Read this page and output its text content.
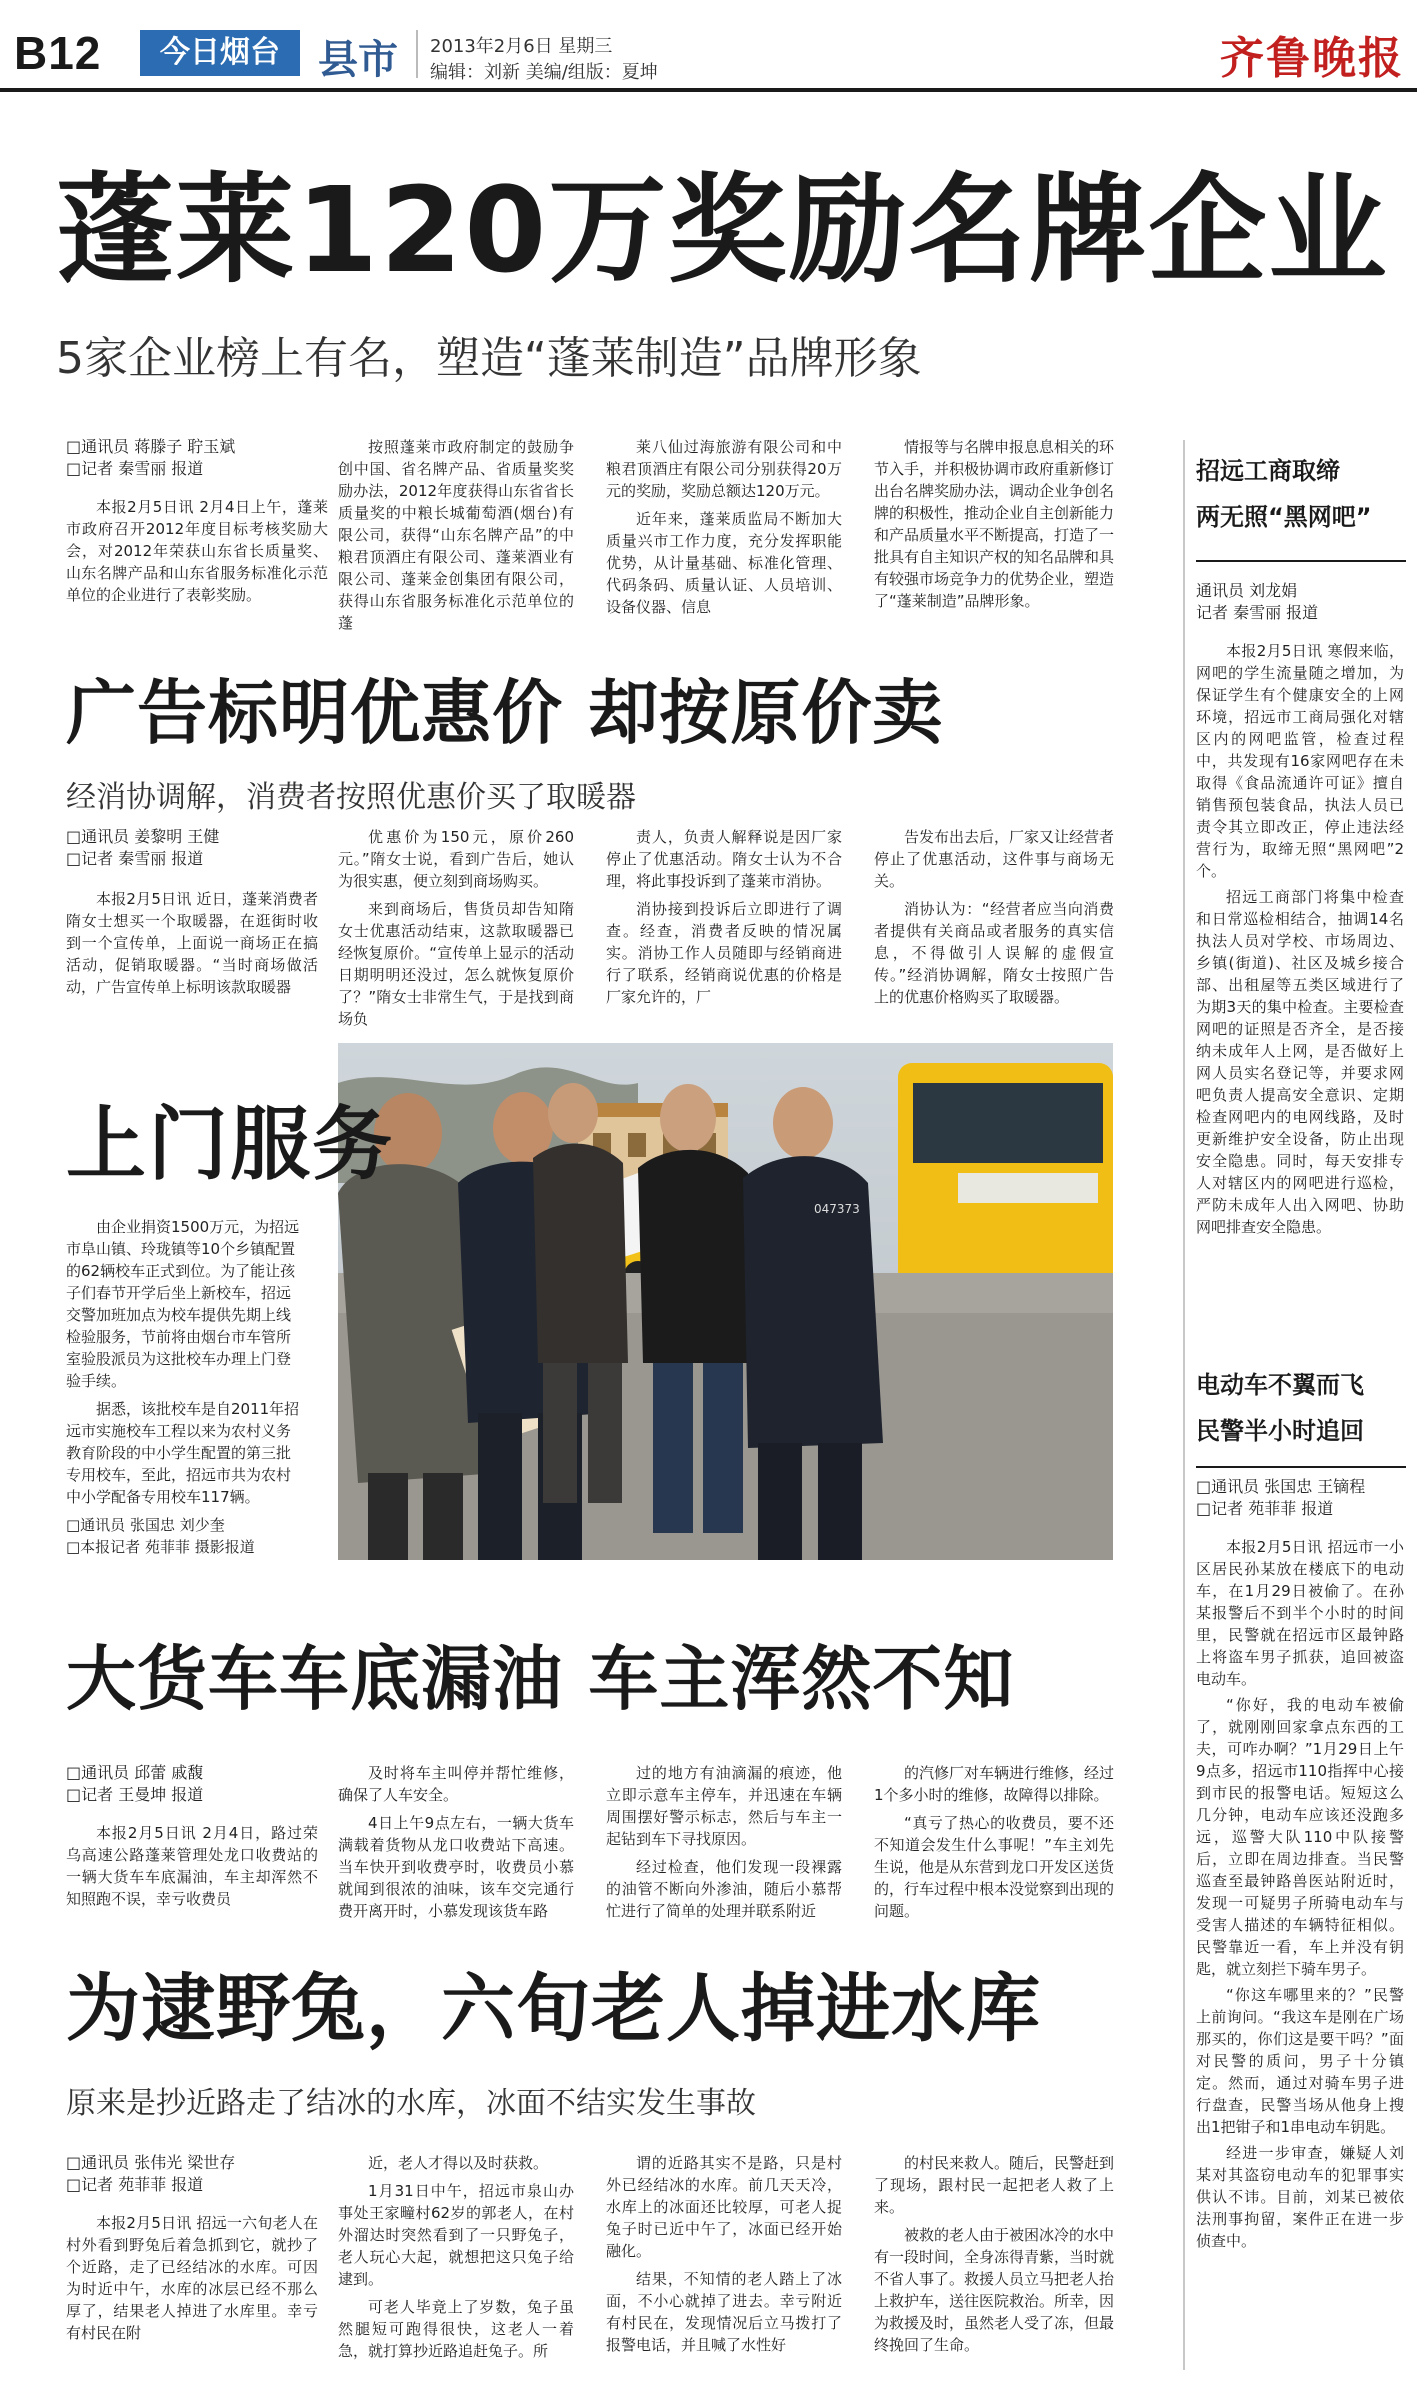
B12	今日烟台 县市 2013年2月6日 星期三
编辑：刘新 美编/组版：夏坤	齐鲁晚报
蓬莱120万奖励名牌企业
5家企业榜上有名，塑造“蓬莱制造”品牌形象
□通讯员 蒋滕子 聍玉斌
□记者 秦雪丽 报道

本报2月5日讯 2月4日上午，蓬莱市政府召开2012年度目标考核奖励大会，对2012年荣获山东省长质量奖、山东名牌产品和山东省服务标准化示范单位的企业进行了表彰奖励。

按照蓬莱市政府制定的鼓励争创中国、省名牌产品、省质量奖奖励办法，2012年度获得山东省省长质量奖的中粮长城葡萄酒(烟台)有限公司，获得“山东名牌产品”的中粮君顶酒庄有限公司、蓬莱酒业有限公司、蓬莱金创集团有限公司，获得山东省服务标准化示范单位的蓬

莱八仙过海旅游有限公司和中粮君顶酒庄有限公司分别获得20万元的奖励，奖励总额达120万元。

近年来，蓬莱质监局不断加大质量兴市工作力度，充分发挥职能优势，从计量基础、标准化管理、代码条码、质量认证、人员培训、设备仪器、信息

情报等与名牌申报息息相关的环节入手，并积极协调市政府重新修订出台名牌奖励办法，调动企业争创名牌的积极性，推动企业自主创新能力和产品质量水平不断提高，打造了一批具有自主知识产权的知名品牌和具有较强市场竞争力的优势企业，塑造了“蓬莱制造”品牌形象。

广告标明优惠价 却按原价卖
经消协调解，消费者按照优惠价买了取暖器
□通讯员 姜黎明 王健
□记者 秦雪丽 报道

本报2月5日讯 近日，蓬莱消费者隋女士想买一个取暖器，在逛街时收到一个宣传单，上面说一商场正在搞活动，促销取暖器。“当时商场做活动，广告宣传单上标明该款取暖器

优惠价为150元，原价260元。”隋女士说，看到广告后，她认为很实惠，便立刻到商场购买。

来到商场后，售货员却告知隋女士优惠活动结束，这款取暖器已经恢复原价。“宣传单上显示的活动日期明明还没过，怎么就恢复原价了？”隋女士非常生气，于是找到商场负

责人，负责人解释说是因厂家停止了优惠活动。隋女士认为不合理，将此事投诉到了蓬莱市消协。

消协接到投诉后立即进行了调查。经查，消费者反映的情况属实。消协工作人员随即与经销商进行了联系，经销商说优惠的价格是厂家允许的，厂

告发布出去后，厂家又让经营者停止了优惠活动，这件事与商场无关。

消协认为：“经营者应当向消费者提供有关商品或者服务的真实信息，不得做引人误解的虚假宣传。”经消协调解，隋女士按照广告上的优惠价格购买了取暖器。

047373
上门服务

由企业捐资1500万元，为招远市阜山镇、玲珑镇等10个乡镇配置的62辆校车正式到位。为了能让孩子们春节开学后坐上新校车，招远交警加班加点为校车提供先期上线检验服务，节前将由烟台市车管所室验股派员为这批校车办理上门登验手续。

据悉，该批校车是自2011年招远市实施校车工程以来为农村义务教育阶段的中小学生配置的第三批专用校车，至此，招远市共为农村中小学配备专用校车117辆。

□通讯员 张国忠 刘少奎
□本报记者 苑菲菲 摄影报道
大货车车底漏油 车主浑然不知
□通讯员 邱蕾 戚馥
□记者 王曼坤 报道

本报2月5日讯 2月4日，路过荣乌高速公路蓬莱管理处龙口收费站的一辆大货车车底漏油，车主却浑然不知照跑不误，幸亏收费员

及时将车主叫停并帮忙维修，确保了人车安全。

4日上午9点左右，一辆大货车满载着货物从龙口收费站下高速。当车快开到收费亭时，收费员小慕就闻到很浓的油味，该车交完通行费开离开时，小慕发现该货车路

过的地方有油滴漏的痕迹，他立即示意车主停车，并迅速在车辆周围摆好警示标志，然后与车主一起钻到车下寻找原因。

经过检查，他们发现一段裸露的油管不断向外渗油，随后小慕帮忙进行了简单的处理并联系附近

的汽修厂对车辆进行维修，经过1个多小时的维修，故障得以排除。

“真亏了热心的收费员，要不还不知道会发生什么事呢！”车主刘先生说，他是从东营到龙口开发区送货的，行车过程中根本没觉察到出现的问题。

为逮野兔，六旬老人掉进水库
原来是抄近路走了结冰的水库，冰面不结实发生事故
□通讯员 张伟光 梁世存
□记者 苑菲菲 报道

本报2月5日讯 招远一六旬老人在村外看到野兔后着急抓到它，就抄了个近路，走了已经结冰的水库。可因为时近中午，水库的冰层已经不那么厚了，结果老人掉进了水库里。幸亏有村民在附

近，老人才得以及时获救。

1月31日中午，招远市泉山办事处王家疃村62岁的郭老人，在村外溜达时突然看到了一只野兔子，老人玩心大起，就想把这只兔子给逮到。

可老人毕竟上了岁数，兔子虽然腿短可跑得很快，这老人一着急，就打算抄近路追赶兔子。所

谓的近路其实不是路，只是村外已经结冰的水库。前几天天冷，水库上的冰面还比较厚，可老人捉兔子时已近中午了，冰面已经开始融化。

结果，不知情的老人踏上了冰面，不小心就掉了进去。幸亏附近有村民在，发现情况后立马拨打了报警电话，并且喊了水性好

的村民来救人。随后，民警赶到了现场，跟村民一起把老人救了上来。

被救的老人由于被困冰冷的水中有一段时间，全身冻得青紫，当时就不省人事了。救援人员立马把老人抬上救护车，送往医院救治。所幸，因为救援及时，虽然老人受了冻，但最终挽回了生命。

招远工商取缔
两无照“黑网吧”
通讯员 刘龙娟
记者 秦雪丽 报道

本报2月5日讯 寒假来临，网吧的学生流量随之增加，为保证学生有个健康安全的上网环境，招远市工商局强化对辖区内的网吧监管，检查过程中，共发现有16家网吧存在未取得《食品流通许可证》擅自销售预包装食品，执法人员已责令其立即改正，停止违法经营行为，取缔无照“黑网吧”2个。

招远工商部门将集中检查和日常巡检相结合，抽调14名执法人员对学校、市场周边、乡镇(街道)、社区及城乡接合部、出租屋等五类区域进行了为期3天的集中检查。主要检查网吧的证照是否齐全，是否接纳未成年人上网，是否做好上网人员实名登记等，并要求网吧负责人提高安全意识、定期检查网吧内的电网线路，及时更新维护安全设备，防止出现安全隐患。同时，每天安排专人对辖区内的网吧进行巡检，严防未成年人出入网吧、协助网吧排查安全隐患。

电动车不翼而飞
民警半小时追回
□通讯员 张国忠 王镝程
□记者 苑菲菲 报道

本报2月5日讯 招远市一小区居民孙某放在楼底下的电动车，在1月29日被偷了。在孙某报警后不到半个小时的时间里，民警就在招远市区最钟路上将盗车男子抓获，追回被盗电动车。

“你好，我的电动车被偷了，就刚刚回家拿点东西的工夫，可咋办啊？”1月29日上午9点多，招远市110指挥中心接到市民的报警电话。短短这么几分钟，电动车应该还没跑多远，巡警大队110中队接警后，立即在周边排查。当民警巡查至最钟路兽医站附近时，发现一可疑男子所骑电动车与受害人描述的车辆特征相似。民警靠近一看，车上并没有钥匙，就立刻拦下骑车男子。

“你这车哪里来的？”民警上前询问。“我这车是刚在广场那买的，你们这是要干吗？”面对民警的质问，男子十分镇定。然而，通过对骑车男子进行盘查，民警当场从他身上搜出1把钳子和1串电动车钥匙。

经进一步审查，嫌疑人刘某对其盗窃电动车的犯罪事实供认不讳。目前，刘某已被依法刑事拘留，案件正在进一步侦查中。
